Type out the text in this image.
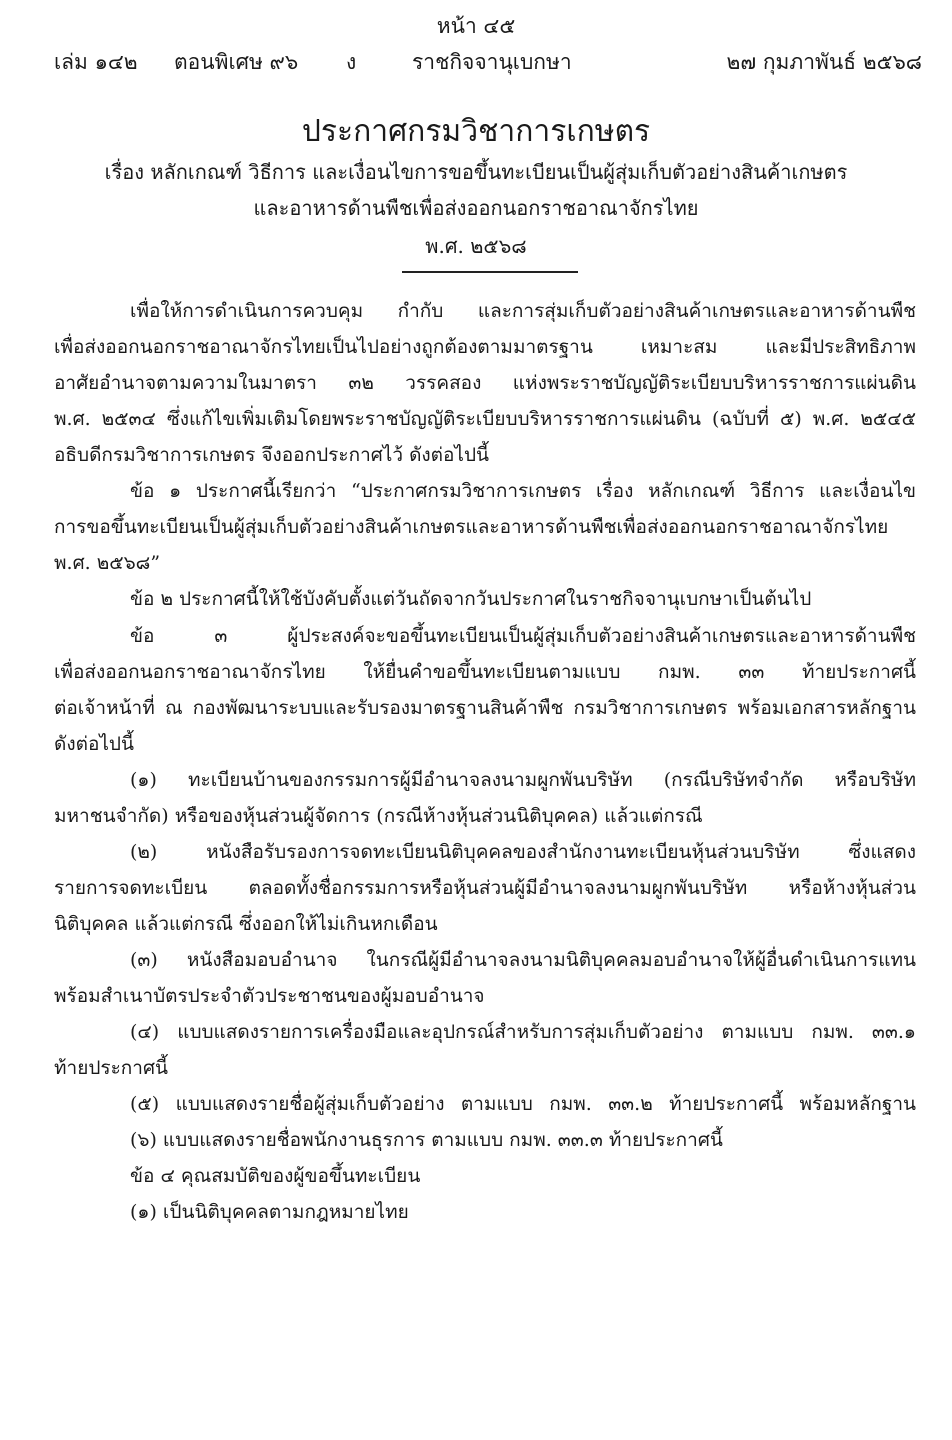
หน้า ๔๕
เล่ม ๑๔๒ ตอนพิเศษ ๙๖ ง	ราชกิจจานุเบกษา	๒๗ กุมภาพันธ์ ๒๕๖๘
ประกาศกรมวิชาการเกษตร
เรื่อง หลักเกณฑ์ วิธีการ และเงื่อนไขการขอขึ้นทะเบียนเป็นผู้สุ่มเก็บตัวอย่างสินค้าเกษตร
และอาหารด้านพืชเพื่อส่งออกนอกราชอาณาจักรไทย
พ.ศ. ๒๕๖๘
เพื่อให้การดำเนินการควบคุม กำกับ และการสุ่มเก็บตัวอย่างสินค้าเกษตรและอาหารด้านพืช
เพื่อส่งออกนอกราชอาณาจักรไทยเป็นไปอย่างถูกต้องตามมาตรฐาน เหมาะสม และมีประสิทธิภาพ
อาศัยอำนาจตามความในมาตรา ๓๒ วรรคสอง แห่งพระราชบัญญัติระเบียบบริหารราชการแผ่นดิน
พ.ศ. ๒๕๓๔ ซึ่งแก้ไขเพิ่มเติมโดยพระราชบัญญัติระเบียบบริหารราชการแผ่นดิน (ฉบับที่ ๕) พ.ศ. ๒๕๔๕
อธิบดีกรมวิชาการเกษตร จึงออกประกาศไว้ ดังต่อไปนี้
ข้อ ๑ ประกาศนี้เรียกว่า “ประกาศกรมวิชาการเกษตร เรื่อง หลักเกณฑ์ วิธีการ และเงื่อนไข
การขอขึ้นทะเบียนเป็นผู้สุ่มเก็บตัวอย่างสินค้าเกษตรและอาหารด้านพืชเพื่อส่งออกนอกราชอาณาจักรไทย
พ.ศ. ๒๕๖๘”
ข้อ ๒ ประกาศนี้ให้ใช้บังคับตั้งแต่วันถัดจากวันประกาศในราชกิจจานุเบกษาเป็นต้นไป
ข้อ ๓ ผู้ประสงค์จะขอขึ้นทะเบียนเป็นผู้สุ่มเก็บตัวอย่างสินค้าเกษตรและอาหารด้านพืช
เพื่อส่งออกนอกราชอาณาจักรไทย ให้ยื่นคำขอขึ้นทะเบียนตามแบบ กมพ. ๓๓ ท้ายประกาศนี้
ต่อเจ้าหน้าที่ ณ กองพัฒนาระบบและรับรองมาตรฐานสินค้าพืช กรมวิชาการเกษตร พร้อมเอกสารหลักฐาน
ดังต่อไปนี้
(๑) ทะเบียนบ้านของกรรมการผู้มีอำนาจลงนามผูกพันบริษัท (กรณีบริษัทจำกัด หรือบริษัท
มหาชนจำกัด) หรือของหุ้นส่วนผู้จัดการ (กรณีห้างหุ้นส่วนนิติบุคคล) แล้วแต่กรณี
(๒) หนังสือรับรองการจดทะเบียนนิติบุคคลของสำนักงานทะเบียนหุ้นส่วนบริษัท ซึ่งแสดง
รายการจดทะเบียน ตลอดทั้งชื่อกรรมการหรือหุ้นส่วนผู้มีอำนาจลงนามผูกพันบริษัท หรือห้างหุ้นส่วน
นิติบุคคล แล้วแต่กรณี ซึ่งออกให้ไม่เกินหกเดือน
(๓) หนังสือมอบอำนาจ ในกรณีผู้มีอำนาจลงนามนิติบุคคลมอบอำนาจให้ผู้อื่นดำเนินการแทน
พร้อมสำเนาบัตรประจำตัวประชาชนของผู้มอบอำนาจ
(๔) แบบแสดงรายการเครื่องมือและอุปกรณ์สำหรับการสุ่มเก็บตัวอย่าง ตามแบบ กมพ. ๓๓.๑
ท้ายประกาศนี้
(๕) แบบแสดงรายชื่อผู้สุ่มเก็บตัวอย่าง ตามแบบ กมพ. ๓๓.๒ ท้ายประกาศนี้ พร้อมหลักฐาน
(๖) แบบแสดงรายชื่อพนักงานธุรการ ตามแบบ กมพ. ๓๓.๓ ท้ายประกาศนี้
ข้อ ๔ คุณสมบัติของผู้ขอขึ้นทะเบียน
(๑) เป็นนิติบุคคลตามกฎหมายไทย
